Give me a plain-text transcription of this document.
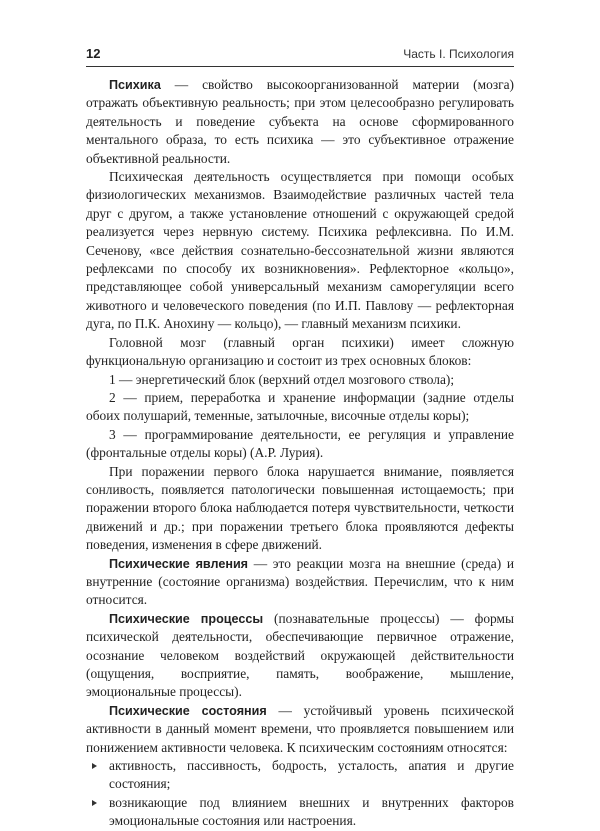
12	Часть I. Психология

Психика — свойство высокоорганизованной материи (мозга) отражать объективную реальность; при этом целесообразно регулировать деятельность и поведение субъекта на основе сформированного ментального образа, то есть психика — это субъективное отражение объективной реальности.

Психическая деятельность осуществляется при помощи особых физиологических механизмов. Взаимодействие различных частей тела друг с другом, а также установление отношений с окружающей средой реализуется через нервную систему. Психика рефлексивна. По И.М. Сеченову, «все действия сознательно-бессознательной жизни являются рефлексами по способу их возникновения». Рефлекторное «кольцо», представляющее собой универсальный механизм саморегуляции всего животного и человеческого поведения (по И.П. Павлову — рефлекторная дуга, по П.К. Анохину — кольцо), — главный механизм психики.

Головной мозг (главный орган психики) имеет сложную функциональную организацию и состоит из трех основных блоков:

1 — энергетический блок (верхний отдел мозгового ствола);

2 — прием, переработка и хранение информации (задние отделы обоих полушарий, теменные, затылочные, височные отделы коры);

3 — программирование деятельности, ее регуляция и управление (фронтальные отделы коры) (А.Р. Лурия).

При поражении первого блока нарушается внимание, появляется сонливость, появляется патологически повышенная истощаемость; при поражении второго блока наблюдается потеря чувствительности, четкости движений и др.; при поражении третьего блока проявляются дефекты поведения, изменения в сфере движений.

Психические явления — это реакции мозга на внешние (среда) и внутренние (состояние организма) воздействия. Перечислим, что к ним относится.

Психические процессы (познавательные процессы) — формы психической деятельности, обеспечивающие первичное отражение, осознание человеком воздействий окружающей действительности (ощущения, восприятие, память, воображение, мышление, эмоциональные процессы).

Психические состояния — устойчивый уровень психической активности в данный момент времени, что проявляется повышением или понижением активности человека. К психическим состояниям относятся:

активность, пассивность, бодрость, усталость, апатия и другие состояния;
возникающие под влиянием внешних и внутренних факторов эмоциональные состояния или настроения.
